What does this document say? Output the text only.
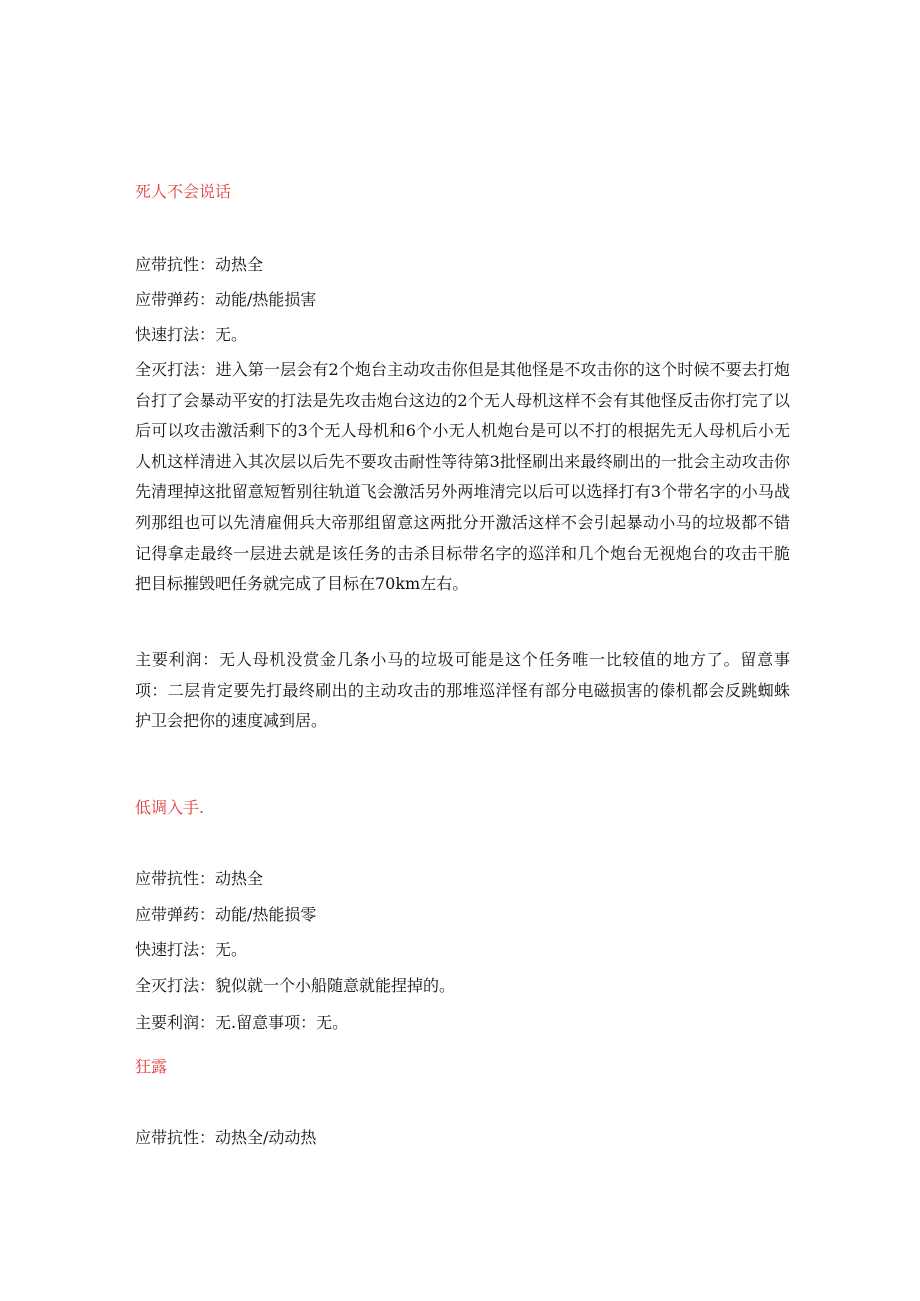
死人不会说话

应带抗性：动热全

应带弹药：动能/热能损害

快速打法：无。

全灭打法：进入第一层会有2个炮台主动攻击你但是其他怪是不攻击你的这个时候不要去打炮台打了会暴动平安的打法是先攻击炮台这边的2个无人母机这样不会有其他怪反击你打完了以后可以攻击激活剩下的3个无人母机和6个小无人机炮台是可以不打的根据先无人母机后小无人机这样清进入其次层以后先不要攻击耐性等待第3批怪刷出来最终刷出的一批会主动攻击你先清理掉这批留意短暂别往轨道飞会激活另外两堆清完以后可以选择打有3个带名字的小马战列那组也可以先清雇佣兵大帝那组留意这两批分开激活这样不会引起暴动小马的垃圾都不错记得拿走最终一层进去就是该任务的击杀目标带名字的巡洋和几个炮台无视炮台的攻击干脆把目标摧毁吧任务就完成了目标在70km左右。

主要利润：无人母机没赏金几条小马的垃圾可能是这个任务唯一比较值的地方了。留意事项：二层肯定要先打最终刷出的主动攻击的那堆巡洋怪有部分电磁损害的傣机都会反跳蜘蛛护卫会把你的速度减到居。

低调入手.

应带抗性：动热全

应带弹药：动能/热能损零

快速打法：无。

全灭打法：貌似就一个小船随意就能捏掉的。

主要利润：无.留意事项：无。

狂露

应带抗性：动热全/动动热
